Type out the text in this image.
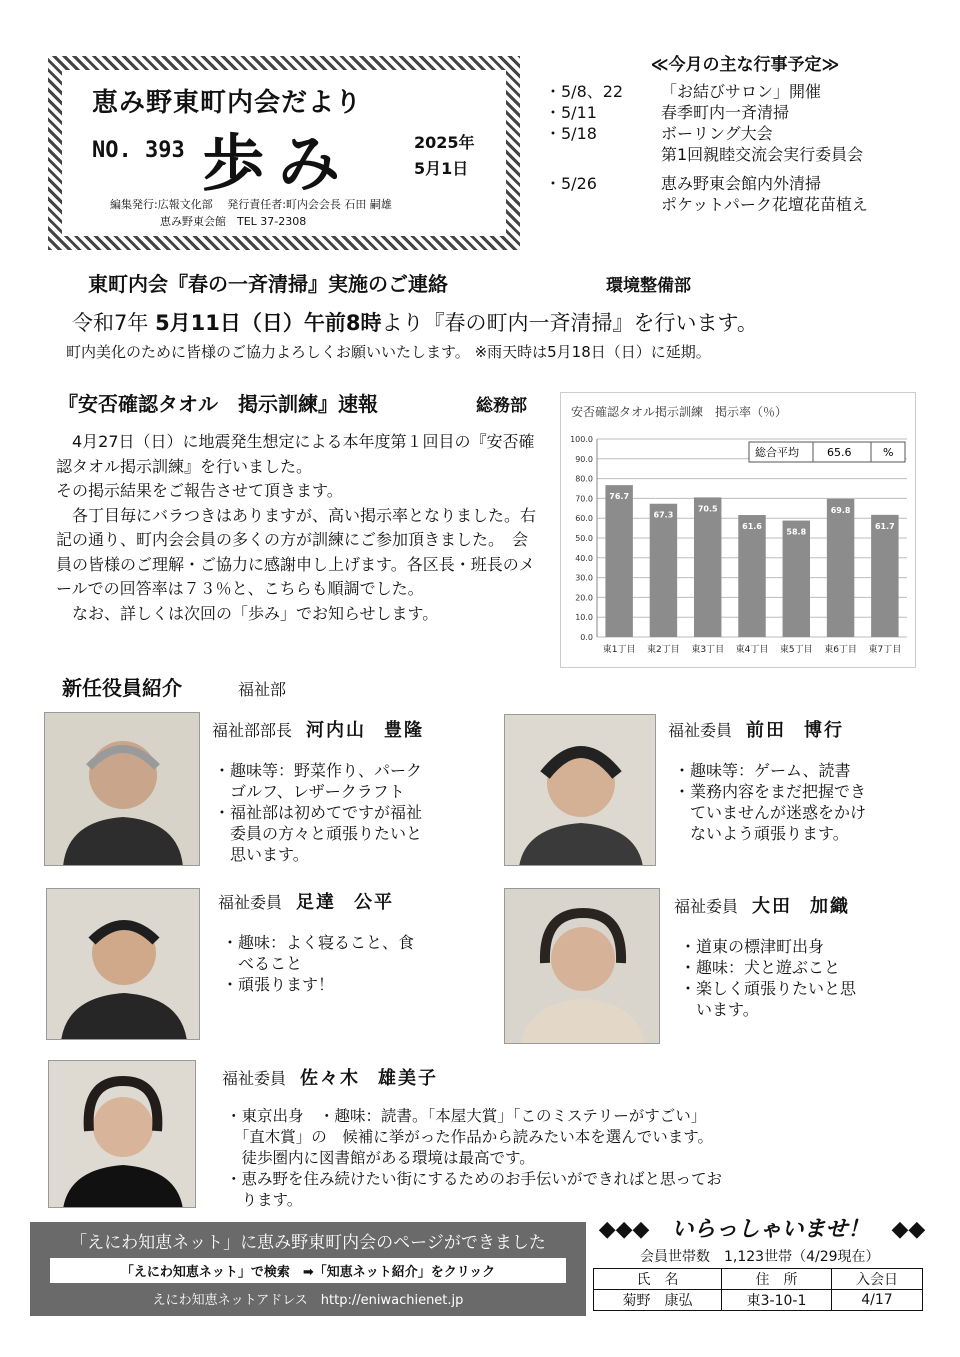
恵み野東町内会だより
NO. 393 歩み	2025年
5月1日
編集発行:広報文化部　 発行責任者:町内会会長 石田 嗣雄
恵み野東会館　TEL 37-2308
≪今月の主な行事予定≫
・5/8、22	「お結びサロン」開催
・5/11	春季町内一斉清掃
・5/18	ボーリング大会
第1回親睦交流会実行委員会
・5/26	恵み野東会館内外清掃
ポケットパーク花壇花苗植え
東町内会『春の一斉清掃』実施のご連絡	環境整備部
令和7年 5月11日（日）午前8時より『春の町内一斉清掃』を行います。
町内美化のために皆様のご協力よろしくお願いいたします。 ※雨天時は5月18日（日）に延期。
『安否確認タオル　掲示訓練』速報	総務部

4月27日（日）に地震発生想定による本年度第１回目の『安否確認タオル掲示訓練』を行いました。

その掲示結果をご報告させて頂きます。

各丁目毎にバラつきはありますが、高い掲示率となりました。右記の通り、町内会会員の多くの方が訓練にご参加頂きました。　会員の皆様のご理解・ご協力に感謝申し上げます。各区長・班長のメールでの回答率は７３％と、こちらも順調でした。

なお、詳しくは次回の「歩み」でお知らせします。

安否確認タオル掲示訓練　掲示率（％）
0.0
10.0
20.0
30.0
40.0
50.0
60.0
70.0
80.0
90.0
100.0
76.7
東1丁目
67.3
東2丁目
70.5
東3丁目
61.6
東4丁目
58.8
東5丁目
69.8
東6丁目
61.7
東7丁目
総合平均	65.6	%
新任役員紹介	福祉部
福祉部部長 河内山 豊隆
・趣味等：野菜作り、パーク
　ゴルフ、レザークラフト
・福祉部は初めてですが福祉
　委員の方々と頑張りたいと
　思います。
福祉委員 前田 博行
・趣味等：ゲーム、読書
・業務内容をまだ把握でき
　ていませんが迷惑をかけ
　ないよう頑張ります。
福祉委員 足達 公平
・趣味：よく寝ること、食
　べること
・頑張ります！
福祉委員 大田 加織
・道東の標津町出身
・趣味：犬と遊ぶこと
・楽しく頑張りたいと思
　います。
福祉委員 佐々木 雄美子
・東京出身　・趣味：読書。「本屋大賞」「このミステリーがすごい」
　「直木賞」の　候補に挙がった作品から読みたい本を選んでいます。
　徒歩圏内に図書館がある環境は最高です。
・恵み野を住み続けたい街にするためのお手伝いができればと思ってお
　ります。
「えにわ知恵ネット」に恵み野東町内会のページができました
「えにわ知恵ネット」で検索　➡「知恵ネット紹介」をクリック
えにわ知恵ネットアドレス　http://eniwachienet.jp
◆◆◆　いらっしゃいませ！　◆◆
会員世帯数　1,123世帯（4/29現在）
氏　名	住　所	入会日
菊野　康弘	東3-10-1	4/17
